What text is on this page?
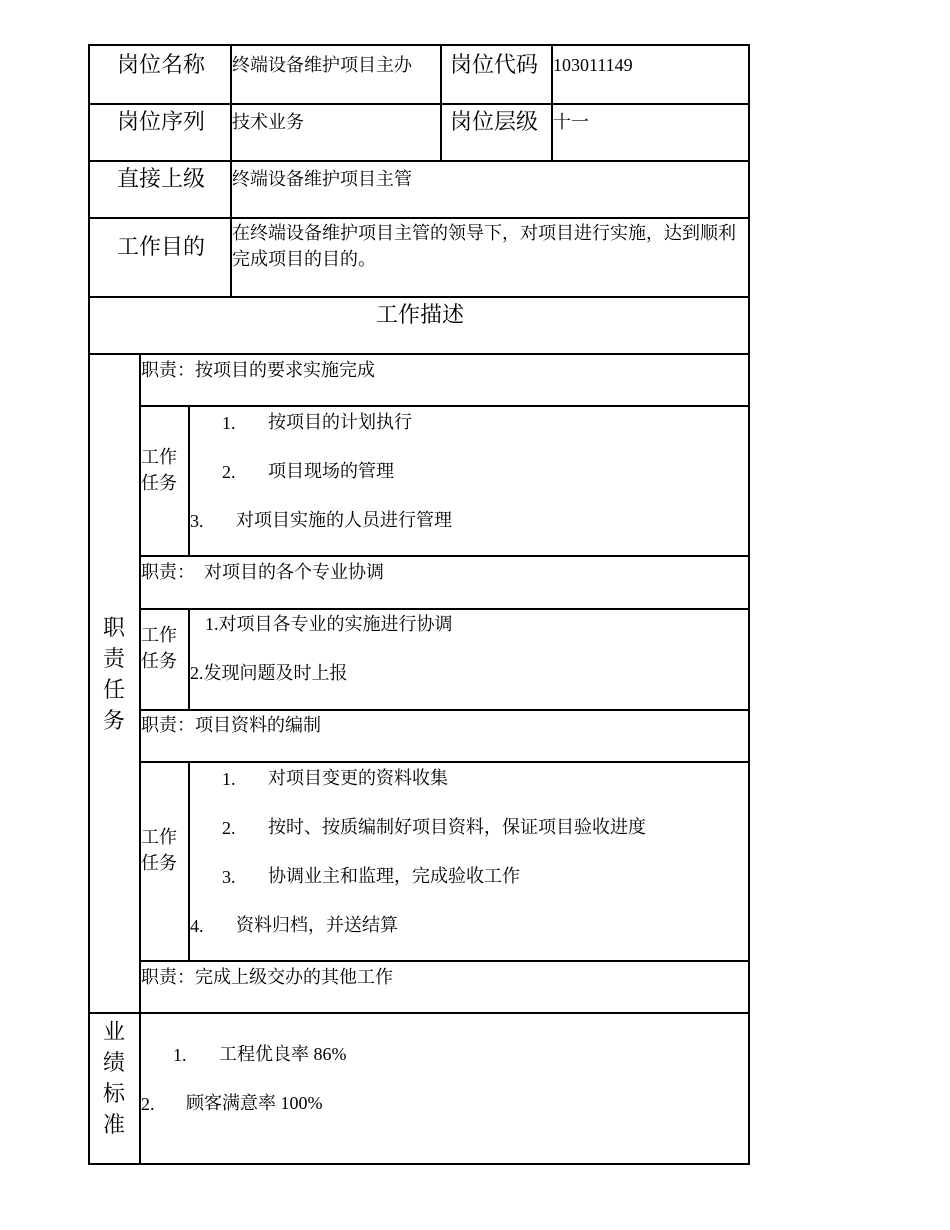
岗位名称 终端设备维护项目主办 岗位代码 103011149
岗位序列 技术业务	岗位层级 十一
直接上级 终端设备维护项目主管
工作目的
在终端设备维护项目主管的领导下，对项目进行实施，达到顺利完成项目的目的。
工作描述
职责任务
职责：按项目的要求实施完成
工作任务
1. 按项目的计划执行
2. 项目现场的管理
3. 对项目实施的人员进行管理
职责：  对项目的各个专业协调
工作任务
1.对项目各专业的实施进行协调
2.发现问题及时上报
职责：项目资料的编制
工作任务
1. 对项目变更的资料收集
2. 按时、按质编制好项目资料，保证项目验收进度
3. 协调业主和监理，完成验收工作
4. 资料归档，并送结算
职责：完成上级交办的其他工作
业绩标准
1. 工程优良率 86%
2. 顾客满意率 100%
